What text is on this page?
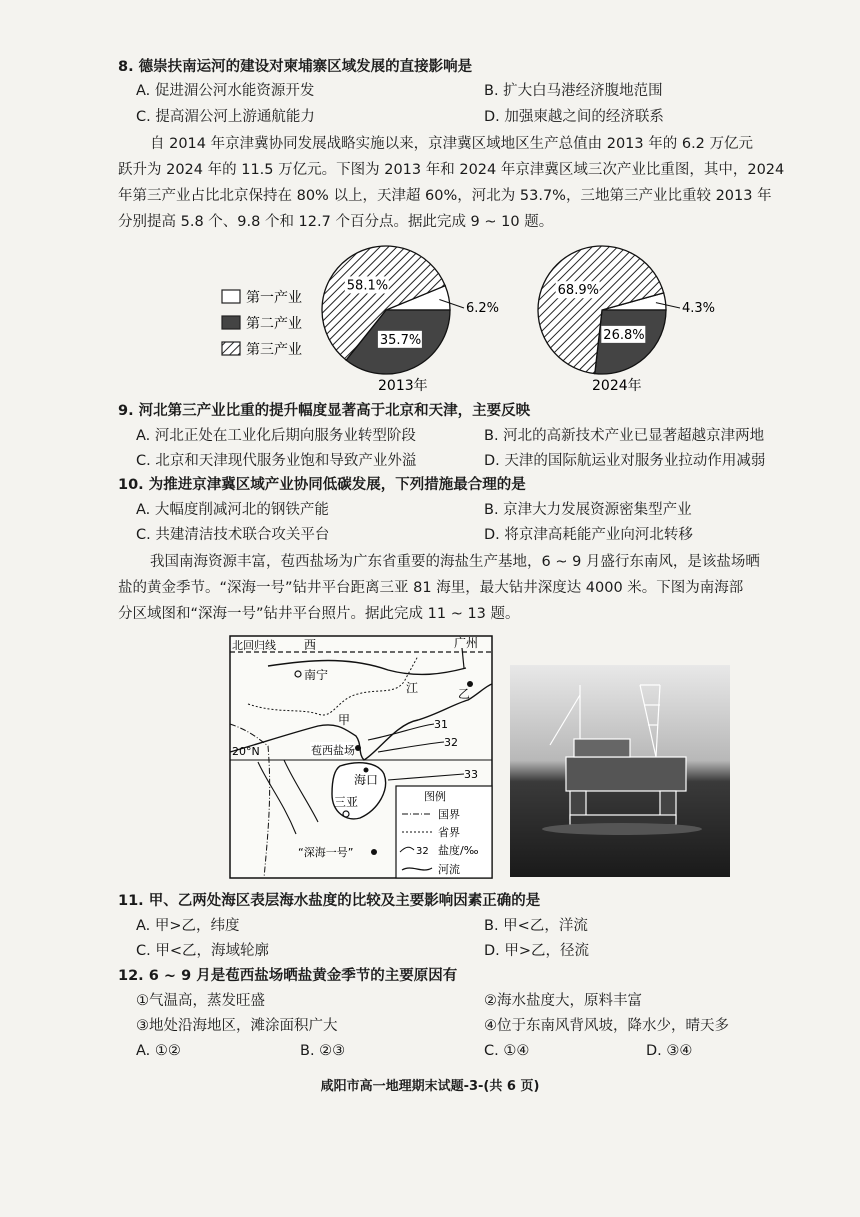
8. 德崇扶南运河的建设对柬埔寨区域发展的直接影响是
A. 促进湄公河水能资源开发	B. 扩大白马港经济腹地范围
C. 提高湄公河上游通航能力	D. 加强柬越之间的经济联系
自 2014 年京津冀协同发展战略实施以来，京津冀区域地区生产总值由 2013 年的 6.2 万亿元
跃升为 2024 年的 11.5 万亿元。下图为 2013 年和 2024 年京津冀区域三次产业比重图，其中，2024
年第三产业占比北京保持在 80% 以上，天津超 60%，河北为 53.7%，三地第三产业比重较 2013 年
分别提高 5.8 个、9.8 个和 12.7 个百分点。据此完成 9 ~ 10 题。
第一产业
第二产业
第三产业
6.2%
35.7%
58.1%
4.3%
26.8%
68.9%
2013年	2024年
9. 河北第三产业比重的提升幅度显著高于北京和天津，主要反映
A. 河北正处在工业化后期向服务业转型阶段	B. 河北的高新技术产业已显著超越京津两地
C. 北京和天津现代服务业饱和导致产业外溢	D. 天津的国际航运业对服务业拉动作用减弱
10. 为推进京津冀区域产业协同低碳发展，下列措施最合理的是
A. 大幅度削减河北的钢铁产能	B. 京津大力发展资源密集型产业
C. 共建清洁技术联合攻关平台	D. 将京津高耗能产业向河北转移
我国南海资源丰富，苞西盐场为广东省重要的海盐生产基地，6 ~ 9 月盛行东南风，是该盐场晒
盐的黄金季节。“深海一号”钻井平台距离三亚 81 海里，最大钻井深度达 4000 米。下图为南海部
分区域图和“深海一号”钻井平台照片。据此完成 11 ~ 13 题。
北回归线 西	广州
江
南宁
乙
甲
苞西盐场
20°N
31
32
33
海口
三亚
“深海一号”
图例
国界
省界
32 盐度/‰
河流
11. 甲、乙两处海区表层海水盐度的比较及主要影响因素正确的是
A. 甲>乙，纬度	B. 甲<乙，洋流
C. 甲<乙，海域轮廓	D. 甲>乙，径流
12. 6 ~ 9 月是苞西盐场晒盐黄金季节的主要原因有
①气温高，蒸发旺盛	②海水盐度大，原料丰富
③地处沿海地区，滩涂面积广大	④位于东南风背风坡，降水少，晴天多
A. ①②	B. ②③	C. ①④	D. ③④
咸阳市高一地理期末试题-3-(共 6 页)
